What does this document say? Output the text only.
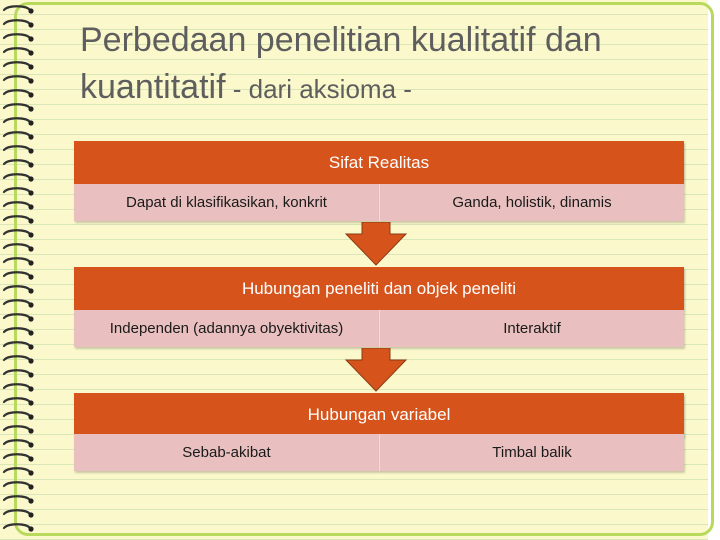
Perbedaan penelitian kualitatif dan kuantitatif - dari aksioma -
Sifat Realitas
Dapat di klasifikasikan, konkrit	Ganda, holistik, dinamis
Hubungan peneliti dan objek peneliti
Independen (adannya obyektivitas)	Interaktif
Hubungan variabel
Sebab-akibat	Timbal balik
